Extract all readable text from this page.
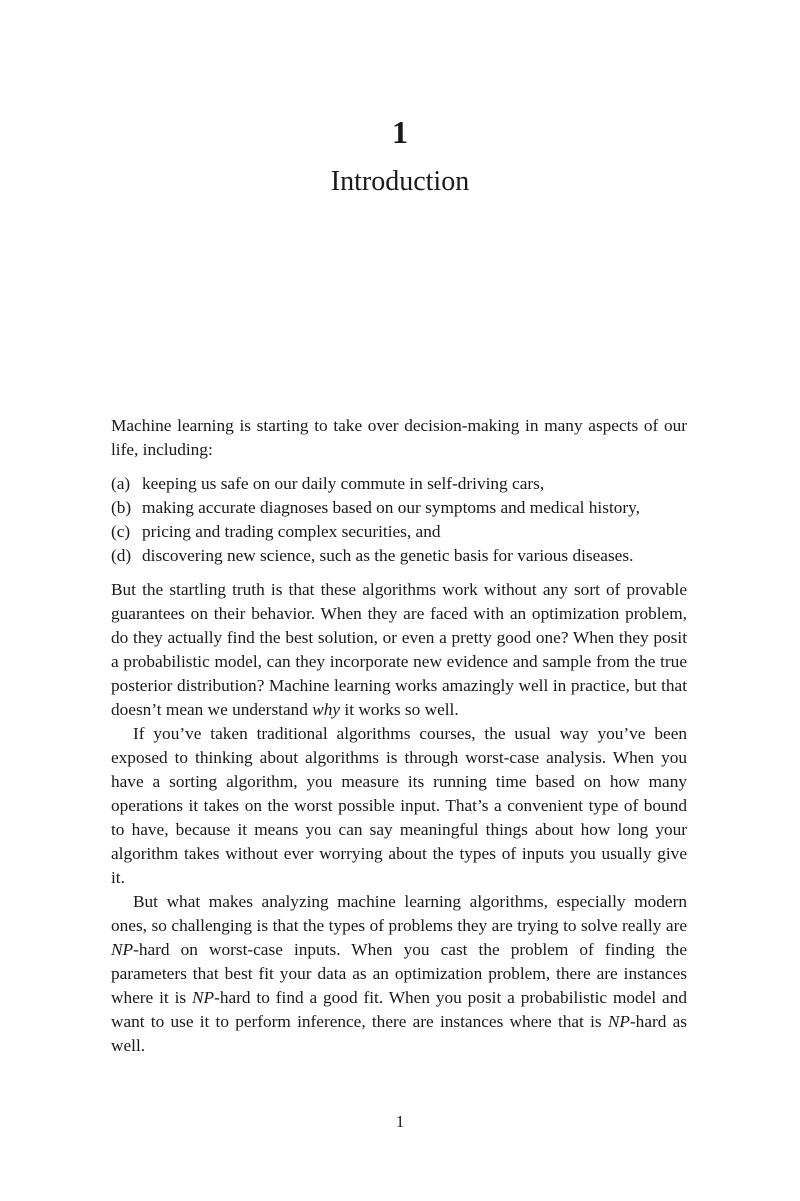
1
Introduction

Machine learning is starting to take over decision-making in many aspects of our life, including:

(a) keeping us safe on our daily commute in self-driving cars,
(b) making accurate diagnoses based on our symptoms and medical history,
(c) pricing and trading complex securities, and
(d) discovering new science, such as the genetic basis for various diseases.

But the startling truth is that these algorithms work without any sort of provable guarantees on their behavior. When they are faced with an optimization problem, do they actually find the best solution, or even a pretty good one? When they posit a probabilistic model, can they incorporate new evidence and sample from the true posterior distribution? Machine learning works amazingly well in practice, but that doesn’t mean we understand why it works so well.

If you’ve taken traditional algorithms courses, the usual way you’ve been exposed to thinking about algorithms is through worst-case analysis. When you have a sorting algorithm, you measure its running time based on how many operations it takes on the worst possible input. That’s a convenient type of bound to have, because it means you can say meaningful things about how long your algorithm takes without ever worrying about the types of inputs you usually give it.

But what makes analyzing machine learning algorithms, especially modern ones, so challenging is that the types of problems they are trying to solve really are NP-hard on worst-case inputs. When you cast the problem of finding the parameters that best fit your data as an optimization problem, there are instances where it is NP-hard to find a good fit. When you posit a probabilistic model and want to use it to perform inference, there are instances where that is NP-hard as well.

1
